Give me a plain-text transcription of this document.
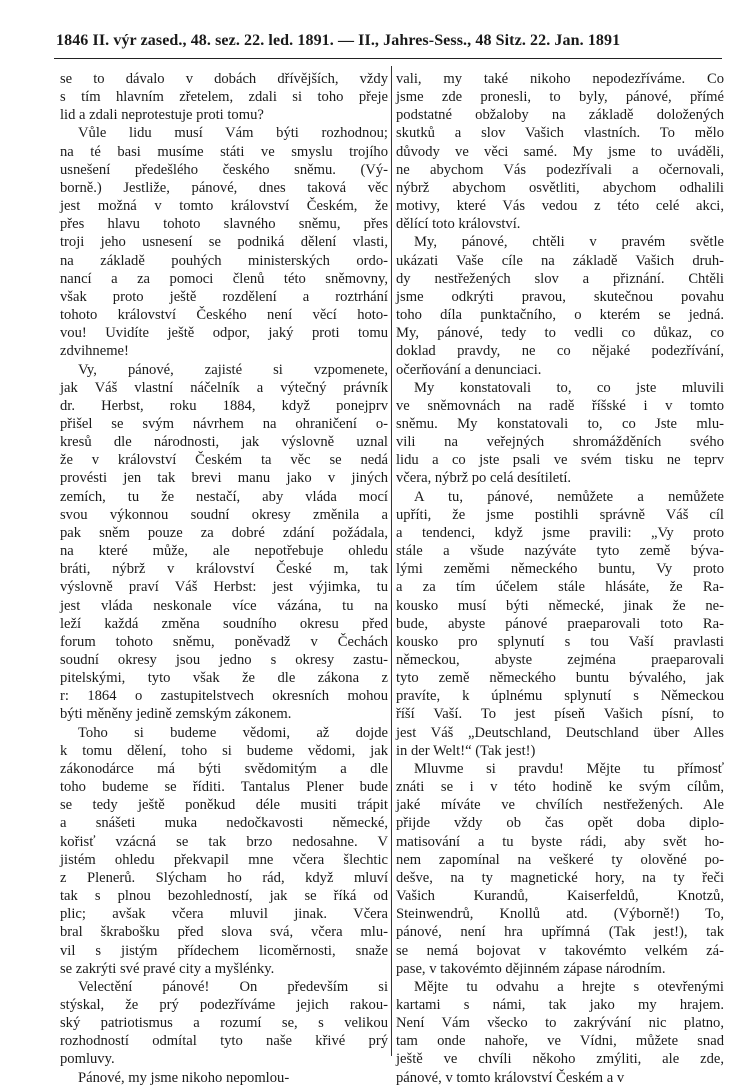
1846 II. výr zased., 48. sez. 22. led. 1891. — II., Jahres-Sess., 48 Sitz. 22. Jan. 1891
se to dávalo v dobách dřívějších, vždy
s tím hlavním zřetelem, zdali si toho přeje
lid a zdali neprotestuje proti tomu?
Vůle lidu musí Vám býti rozhodnou;
na té basi musíme státi ve smyslu trojího
usnešení předešlého českého sněmu. (Vý-
borně.) Jestliže, pánové, dnes taková věc
jest možná v tomto království Českém, že
přes hlavu tohoto slavného sněmu, přes
troji jeho usnesení se podniká dělení vlasti,
na základě pouhých ministerských ordo-
nancí a za pomoci členů této sněmovny,
však proto ještě rozdělení a roztrhání
tohoto království Českého není věcí hoto-
vou! Uvidíte ještě odpor, jaký proti tomu
zdvihneme!
Vy, pánové, zajisté si vzpomenete,
jak Váš vlastní náčelník a výtečný právník
dr. Herbst, roku 1884, když ponejprv
přišel se svým návrhem na ohraničení o-
kresů dle národnosti, jak výslovně uznal
že v království Českém ta věc se nedá
provésti jen tak brevi manu jako v jiných
zemích, tu že nestačí, aby vláda mocí
svou výkonnou soudní okresy změnila a
pak sněm pouze za dobré zdání požádala,
na které může, ale nepotřebuje ohledu
bráti, nýbrž v království České m, tak
výslovně praví Váš Herbst: jest výjimka, tu
jest vláda neskonale více vázána, tu na
leží každá změna soudního okresu před
forum tohoto sněmu, poněvadž v Čechách
soudní okresy jsou jedno s okresy zastu-
pitelskými, tyto však že dle zákona z
r: 1864 o zastupitelstvech okresních mohou
býti měněny jedině zemským zákonem.
Toho si budeme vědomi, až dojde
k tomu dělení, toho si budeme vědomi, jak
zákonodárce má býti svědomitým a dle
toho budeme se říditi. Tantalus Plener bude
se tedy ještě poněkud déle musiti trápit
a snášeti muka nedočkavosti německé,
kořisť vzácná se tak brzo nedosahne. V
jistém ohledu překvapil mne včera šlechtic
z Plenerů. Slýcham ho rád, když mluví
tak s plnou bezohledností, jak se říká od
plic; avšak včera mluvil jinak. Včera
bral škrabošku před slova svá, včera mlu-
vil s jistým přídechem licoměrnosti, snaže
se zakrýti své pravé city a myšlénky.
Velectění pánové! On především si
stýskal, že prý podezříváme jejich rakou-
ský patriotismus a rozumí se, s velikou
rozhodností odmítal tyto naše křivé prý
pomluvy.
Pánové, my jsme nikoho nepomlou-
vali, my také nikoho nepodezříváme. Co
jsme zde pronesli, to byly, pánové, přímé
podstatné obžaloby na základě doložených
skutků a slov Vašich vlastních. To mělo
důvody ve věci samé. My jsme to uváděli,
ne abychom Vás podezřívali a očernovali,
nýbrž abychom osvětliti, abychom odhalili
motivy, které Vás vedou z této celé akci,
dělící toto království.
My, pánové, chtěli v pravém světle
ukázati Vaše cíle na základě Vašich druh-
dy nestřežených slov a přiznání. Chtěli
jsme odkrýti pravou, skutečnou povahu
toho díla punktačního, o kterém se jedná.
My, pánové, tedy to vedli co důkaz, co
doklad pravdy, ne co nějaké podezřívání,
očerňování a denunciaci.
My konstatovali to, co jste mluvili
ve sněmovnách na radě říšské i v tomto
sněmu. My konstatovali to, co Jste mlu-
vili na veřejných shromážděních svého
lidu a co jste psali ve svém tisku ne teprv
včera, nýbrž po celá desítiletí.
A tu, pánové, nemůžete a nemůžete
upříti, že jsme postihli správně Váš cíl
a tendenci, když jsme pravili: „Vy proto
stále a všude nazýváte tyto země býva-
lými zeměmi německého buntu, Vy proto
a za tím účelem stále hlásáte, že Ra-
kousko musí býti německé, jinak že ne-
bude, abyste pánové praeparovali toto Ra-
kousko pro splynutí s tou Vaší pravlasti
německou, abyste zejména praeparovali
tyto země německého buntu bývalého, jak
pravíte, k úplnému splynutí s Německou
říší Vaší. To jest píseň Vašich písní, to
jest Váš „Deutschland, Deutschland über Alles
in der Welt!“ (Tak jest!)
Mluvme si pravdu! Mějte tu přímosť
znáti se i v této hodině ke svým cílům,
jaké míváte ve chvílích nestřežených. Ale
přijde vždy ob čas opět doba diplo-
matisování a tu byste rádi, aby svět ho-
nem zapomínal na veškeré ty olověné po-
dešve, na ty magnetické hory, na ty řeči
Vašich Kurandů, Kaiserfeldů, Knotzů,
Steinwendrů, Knollů atd. (Výborně!) To,
pánové, není hra upřímná (Tak jest!), tak
se nemá bojovat v takovémto velkém zá-
pase, v takovémto dějinném zápase národním.
Mějte tu odvahu a hrejte s otevřenými
kartami s námi, tak jako my hrajem.
Není Vám všecko to zakrývání nic platno,
tam onde nahoře, ve Vídni, můžete snad
ještě ve chvíli někoho zmýliti, ale zde,
pánové, v tomto království Českém a v
